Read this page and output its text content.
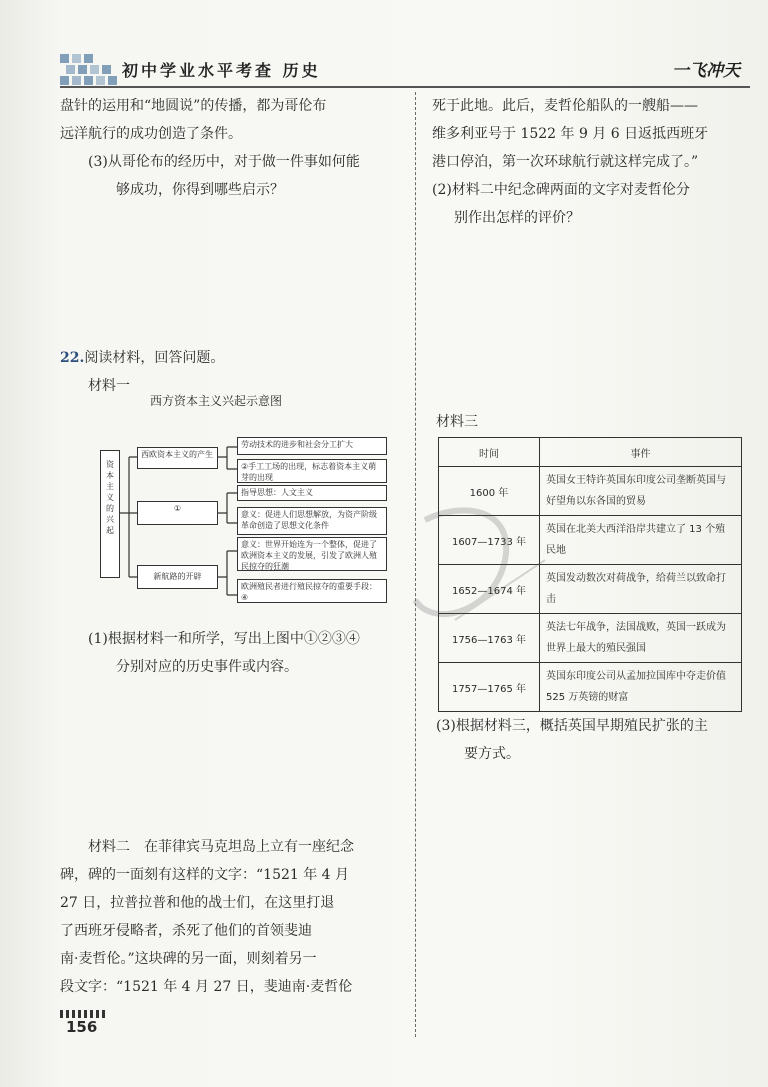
初中学业水平考查 历史	一飞冲天

盘针的运用和“地圆说”的传播，都为哥伦布

远洋航行的成功创造了条件。

(3)从哥伦布的经历中，对于做一件事如何能

够成功，你得到哪些启示？

22.阅读材料，回答问题。

材料一

西方资本主义兴起示意图
资本主义的兴起
西欧资本主义的产生
①
新航路的开辟
劳动技术的进步和社会分工扩大
②手工工场的出现，标志着资本主义萌芽的出现
指导思想：人文主义
意义：促进人们思想解放，为资产阶级革命创造了思想文化条件
意义：世界开始连为一个整体，促进了欧洲资本主义的发展，引发了欧洲人殖民掠夺的狂潮
欧洲殖民者进行殖民掠夺的重要手段：④

(1)根据材料一和所学，写出上图中①②③④

分别对应的历史事件或内容。

材料二　在菲律宾马克坦岛上立有一座纪念

碑，碑的一面刻有这样的文字：“1521 年 4 月

27 日，拉普拉普和他的战士们，在这里打退

了西班牙侵略者，杀死了他们的首领斐迪

南·麦哲伦。”这块碑的另一面，则刻着另一

段文字：“1521 年 4 月 27 日，斐迪南·麦哲伦

死于此地。此后，麦哲伦船队的一艘船——

维多利亚号于 1522 年 9 月 6 日返抵西班牙

港口停泊，第一次环球航行就这样完成了。”

(2)材料二中纪念碑两面的文字对麦哲伦分

别作出怎样的评价？

材料三

时间	事件
1600 年	英国女王特许英国东印度公司垄断英国与好望角以东各国的贸易
1607—1733 年	英国在北美大西洋沿岸共建立了 13 个殖民地
1652—1674 年	英国发动数次对荷战争，给荷兰以致命打击
1756—1763 年	英法七年战争，法国战败，英国一跃成为世界上最大的殖民强国
1757—1765 年	英国东印度公司从孟加拉国库中夺走价值 525 万英镑的财富

(3)根据材料三，概括英国早期殖民扩张的主

要方式。

156
